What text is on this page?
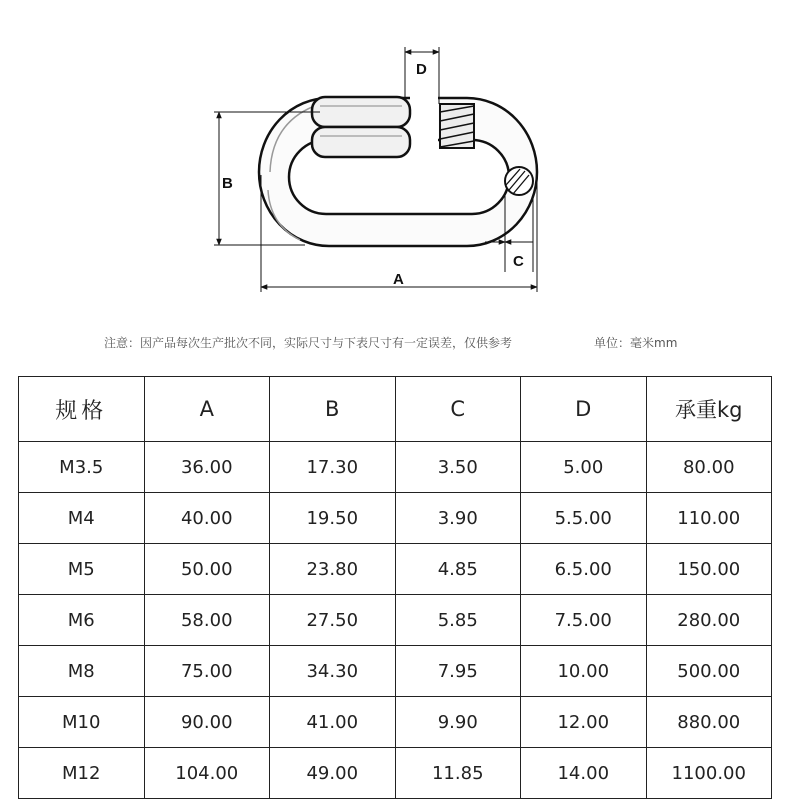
D
B
A
C
注意：因产品每次生产批次不同，实际尺寸与下表尺寸有一定误差，仅供参考	单位：毫米mm
规格	A	B	C	D	承重kg
M3.5	36.00	17.30	3.50	5.00	80.00
M4	40.00	19.50	3.90	5.5.00	110.00
M5	50.00	23.80	4.85	6.5.00	150.00
M6	58.00	27.50	5.85	7.5.00	280.00
M8	75.00	34.30	7.95	10.00	500.00
M10	90.00	41.00	9.90	12.00	880.00
M12	104.00	49.00	11.85	14.00	1100.00
